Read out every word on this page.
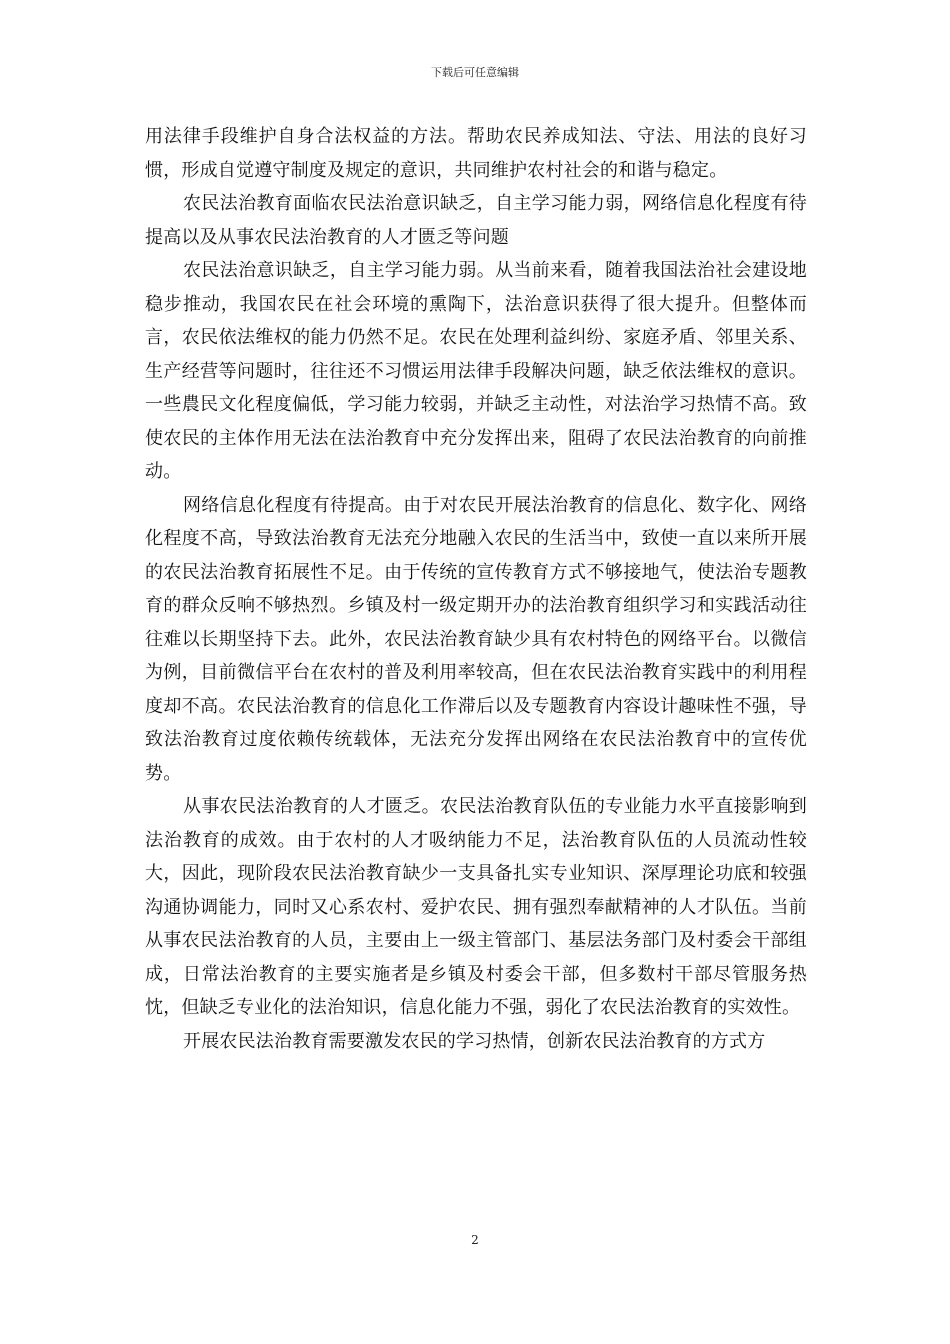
下载后可任意编辑

用法律手段维护自身合法权益的方法。帮助农民养成知法、守法、用法的良好习惯，形成自觉遵守制度及规定的意识，共同维护农村社会的和谐与稳定。

农民法治教育面临农民法治意识缺乏，自主学习能力弱，网络信息化程度有待提高以及从事农民法治教育的人才匮乏等问题

农民法治意识缺乏，自主学习能力弱。从当前来看，随着我国法治社会建设地稳步推动，我国农民在社会环境的熏陶下，法治意识获得了很大提升。但整体而言，农民依法维权的能力仍然不足。农民在处理利益纠纷、家庭矛盾、邻里关系、生产经营等问题时，往往还不习惯运用法律手段解决问题，缺乏依法维权的意识。一些農民文化程度偏低，学习能力较弱，并缺乏主动性，对法治学习热情不高。致使农民的主体作用无法在法治教育中充分发挥出来，阻碍了农民法治教育的向前推动。

网络信息化程度有待提高。由于对农民开展法治教育的信息化、数字化、网络化程度不高，导致法治教育无法充分地融入农民的生活当中，致使一直以来所开展的农民法治教育拓展性不足。由于传统的宣传教育方式不够接地气，使法治专题教育的群众反响不够热烈。乡镇及村一级定期开办的法治教育组织学习和实践活动往往难以长期坚持下去。此外，农民法治教育缺少具有农村特色的网络平台。以微信为例，目前微信平台在农村的普及利用率较高，但在农民法治教育实践中的利用程度却不高。农民法治教育的信息化工作滞后以及专题教育内容设计趣味性不强，导致法治教育过度依赖传统载体，无法充分发挥出网络在农民法治教育中的宣传优势。

从事农民法治教育的人才匮乏。农民法治教育队伍的专业能力水平直接影响到法治教育的成效。由于农村的人才吸纳能力不足，法治教育队伍的人员流动性较大，因此，现阶段农民法治教育缺少一支具备扎实专业知识、深厚理论功底和较强沟通协调能力，同时又心系农村、爱护农民、拥有强烈奉献精神的人才队伍。当前从事农民法治教育的人员，主要由上一级主管部门、基层法务部门及村委会干部组成，日常法治教育的主要实施者是乡镇及村委会干部，但多数村干部尽管服务热忱，但缺乏专业化的法治知识，信息化能力不强，弱化了农民法治教育的实效性。

开展农民法治教育需要激发农民的学习热情，创新农民法治教育的方式方

2
